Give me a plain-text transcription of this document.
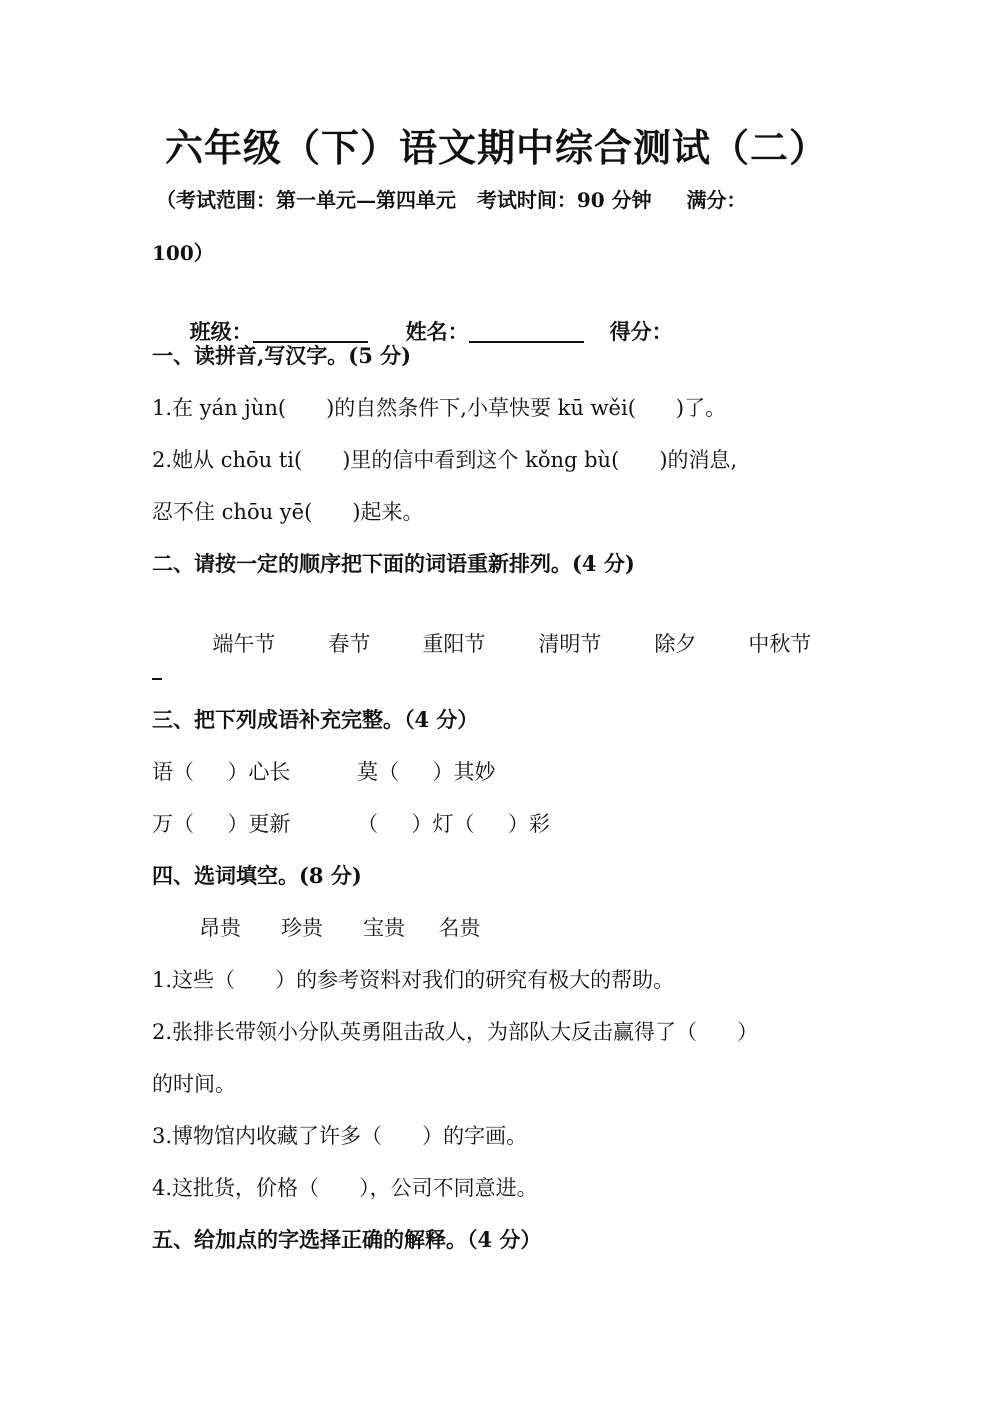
六年级（下）语文期中综合测试（二）
（考试范围：第一单元—第四单元   考试时间：90 分钟     满分：
100）

班级：	姓名：	得分：

一、读拼音,写汉字。(5 分)
1.在 yán jùn(      )的自然条件下,小草快要 kū wěi(      )了。
2.她从 chōu ti(      )里的信中看到这个 kǒng bù(      )的消息,
忍不住 chōu yē(      )起来。
二、请按一定的顺序把下面的词语重新排列。(4 分)

端午节	春节 重阳节	清明节	除夕 中秋节

三、把下列成语补充完整。（4 分）
语（     ）心长          莫（     ）其妙
万（     ）更新          （     ）灯（     ）彩
四、选词填空。(8 分)
昂贵      珍贵      宝贵     名贵
1.这些（      ）的参考资料对我们的研究有极大的帮助。
2.张排长带领小分队英勇阻击敌人，为部队大反击赢得了（      ）
的时间。
3.博物馆内收藏了许多（      ）的字画。
4.这批货，价格（      ），公司不同意进。
五、给加点的字选择正确的解释。（4 分）
